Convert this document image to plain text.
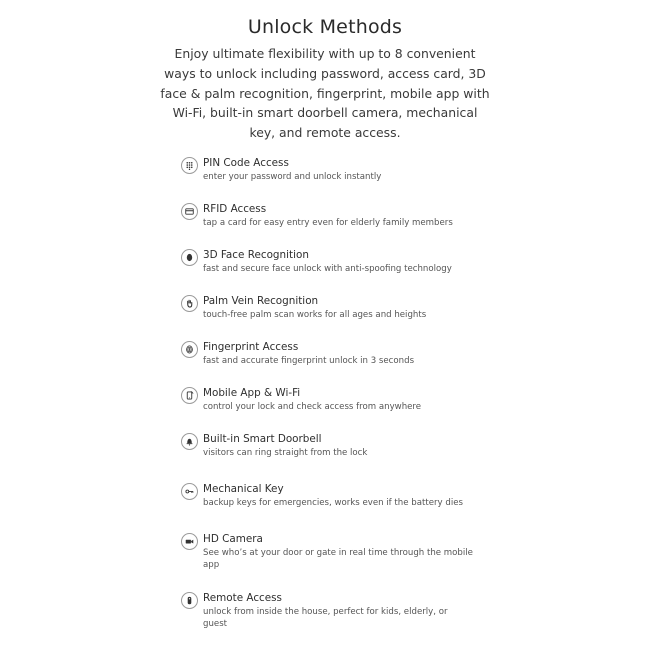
Unlock Methods
Enjoy ultimate flexibility with up to 8 convenient ways to unlock including password, access card, 3D face & palm recognition, fingerprint, mobile app with Wi-Fi, built-in smart doorbell camera, mechanical key, and remote access.
PIN Code Access
enter your password and unlock instantly
RFID Access
tap a card for easy entry even for elderly family members
3D Face Recognition
fast and secure face unlock with anti-spoofing technology
Palm Vein Recognition
touch-free palm scan works for all ages and heights
Fingerprint Access
fast and accurate fingerprint unlock in 3 seconds
Mobile App & Wi-Fi
control your lock and check access from anywhere
Built-in Smart Doorbell
visitors can ring straight from the lock
Mechanical Key
backup keys for emergencies, works even if the battery dies
HD Camera
See who’s at your door or gate in real time through the mobile app
Remote Access
unlock from inside the house, perfect for kids, elderly, or guest
